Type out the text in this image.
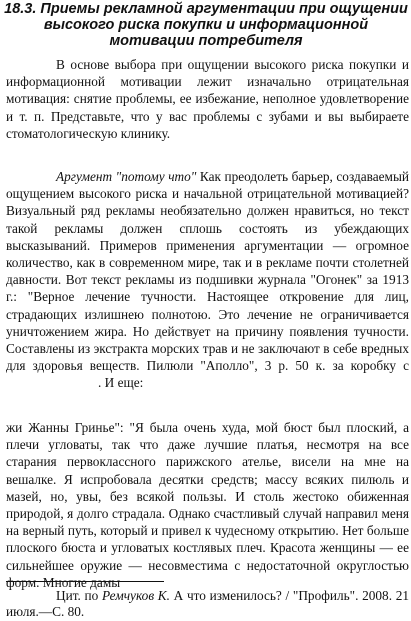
18.3. Приемы рекламной аргументации при ощущении высокого риска покупки и информационной мотивации потребителя
В основе выбора при ощущении высокого риска покупки и информационной мотивации лежит изначально отрицательная мотивация: снятие проблемы, ее избежание, неполное удовлетворение и т. п. Представьте, что у вас проблемы с зубами и вы выбираете стоматологическую клинику.
Аргумент "потому что" Как преодолеть барьер, создаваемый ощущением высокого риска и начальной отрицательной мотивацией? Визуальный ряд рекламы необязательно должен нравиться, но текст такой рекламы должен сплошь состоять из убеждающих высказываний. Примеров применения аргументации — огромное количество, как в современном мире, так и в рекламе почти столетней давности. Вот текст рекламы из подшивки журнала "Огонек" за 1913 г.: "Верное лечение тучности. Настоящее откровение для лиц, страдающих излишнею полнотою. Это лечение не ограничивается уничтожением жира. Но действует на причину появления тучности. Составлены из экстракта морских трав и не заключают в себе вредных для здоровья веществ. Пилюли "Аполло", 3 р. 50 к. за коробку с. И еще:
жи Жанны Гриньe": "Я была очень худа, мой бюст был плоский, а плечи угловаты, так что даже лучшие платья, несмотря на все старания первоклассного парижского ателье, висели на мне на вешалке. Я испробовала десятки средств; массу всяких пилюль и мазей, но, увы, без всякой пользы. И столь жестоко обиженная природой, я долго страдала. Однако счастливый случай направил меня на верный путь, который и привел к чудесному открытию. Нет больше плоского бюста и угловатых костлявых плеч. Красота женщины — ее сильнейшее оружие — несовместима с недостаточной округлостью форм. Многие дамы
Цит. по Ремчуков К. А что изменилось? / "Профиль". 2008. 21 июля.—С. 80.
